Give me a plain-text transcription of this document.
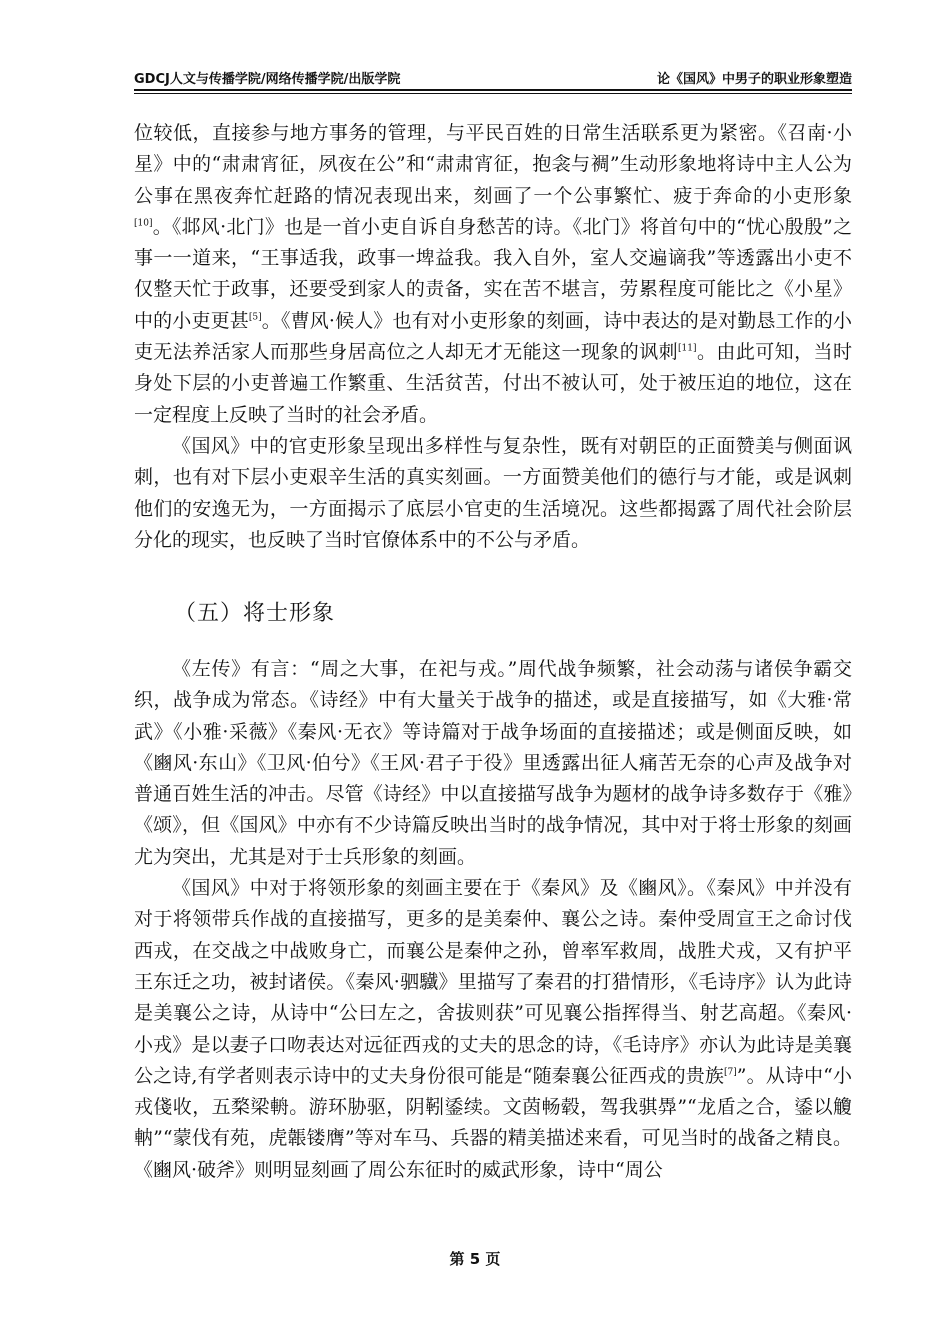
GDCJ人文与传播学院/网络传播学院/出版学院	论《国风》中男子的职业形象塑造

位较低，直接参与地方事务的管理，与平民百姓的日常生活联系更为紧密。《召南·小星》中的“肃肃宵征，夙夜在公”和“肃肃宵征，抱衾与裯”生动形象地将诗中主人公为公事在黑夜奔忙赶路的情况表现出来，刻画了一个公事繁忙、疲于奔命的小吏形象[10]。《邶风·北门》也是一首小吏自诉自身愁苦的诗。《北门》将首句中的“忧心殷殷”之事一一道来，“王事适我，政事一埤益我。我入自外，室人交遍谪我”等透露出小吏不仅整天忙于政事，还要受到家人的责备，实在苦不堪言，劳累程度可能比之《小星》中的小吏更甚[5]。《曹风·候人》也有对小吏形象的刻画，诗中表达的是对勤恳工作的小吏无法养活家人而那些身居高位之人却无才无能这一现象的讽刺[11]。由此可知，当时身处下层的小吏普遍工作繁重、生活贫苦，付出不被认可，处于被压迫的地位，这在一定程度上反映了当时的社会矛盾。

《国风》中的官吏形象呈现出多样性与复杂性，既有对朝臣的正面赞美与侧面讽刺，也有对下层小吏艰辛生活的真实刻画。一方面赞美他们的德行与才能，或是讽刺他们的安逸无为，一方面揭示了底层小官吏的生活境况。这些都揭露了周代社会阶层分化的现实，也反映了当时官僚体系中的不公与矛盾。

（五）将士形象

《左传》有言：“周之大事，在祀与戎。”周代战争频繁，社会动荡与诸侯争霸交织，战争成为常态。《诗经》中有大量关于战争的描述，或是直接描写，如《大雅·常武》《小雅·采薇》《秦风·无衣》等诗篇对于战争场面的直接描述；或是侧面反映，如《豳风·东山》《卫风·伯兮》《王风·君子于役》里透露出征人痛苦无奈的心声及战争对普通百姓生活的冲击。尽管《诗经》中以直接描写战争为题材的战争诗多数存于《雅》《颂》，但《国风》中亦有不少诗篇反映出当时的战争情况，其中对于将士形象的刻画尤为突出，尤其是对于士兵形象的刻画。

《国风》中对于将领形象的刻画主要在于《秦风》及《豳风》。《秦风》中并没有对于将领带兵作战的直接描写，更多的是美秦仲、襄公之诗。秦仲受周宣王之命讨伐西戎，在交战之中战败身亡，而襄公是秦仲之孙，曾率军救周，战胜犬戎，又有护平王东迁之功，被封诸侯。《秦风·驷驖》里描写了秦君的打猎情形，《毛诗序》认为此诗是美襄公之诗，从诗中“公曰左之，舍拔则获”可见襄公指挥得当、射艺高超。《秦风·小戎》是以妻子口吻表达对远征西戎的丈夫的思念的诗，《毛诗序》亦认为此诗是美襄公之诗,有学者则表示诗中的丈夫身份很可能是“随秦襄公征西戎的贵族[7]”。从诗中“小戎俴收，五楘梁輈。游环胁驱，阴靷鋈续。文茵畅毂，驾我骐馵”“龙盾之合，鋈以觼軜”“蒙伐有苑，虎韔镂膺”等对车马、兵器的精美描述来看，可见当时的战备之精良。《豳风·破斧》则明显刻画了周公东征时的威武形象，诗中“周公

第 5 页
